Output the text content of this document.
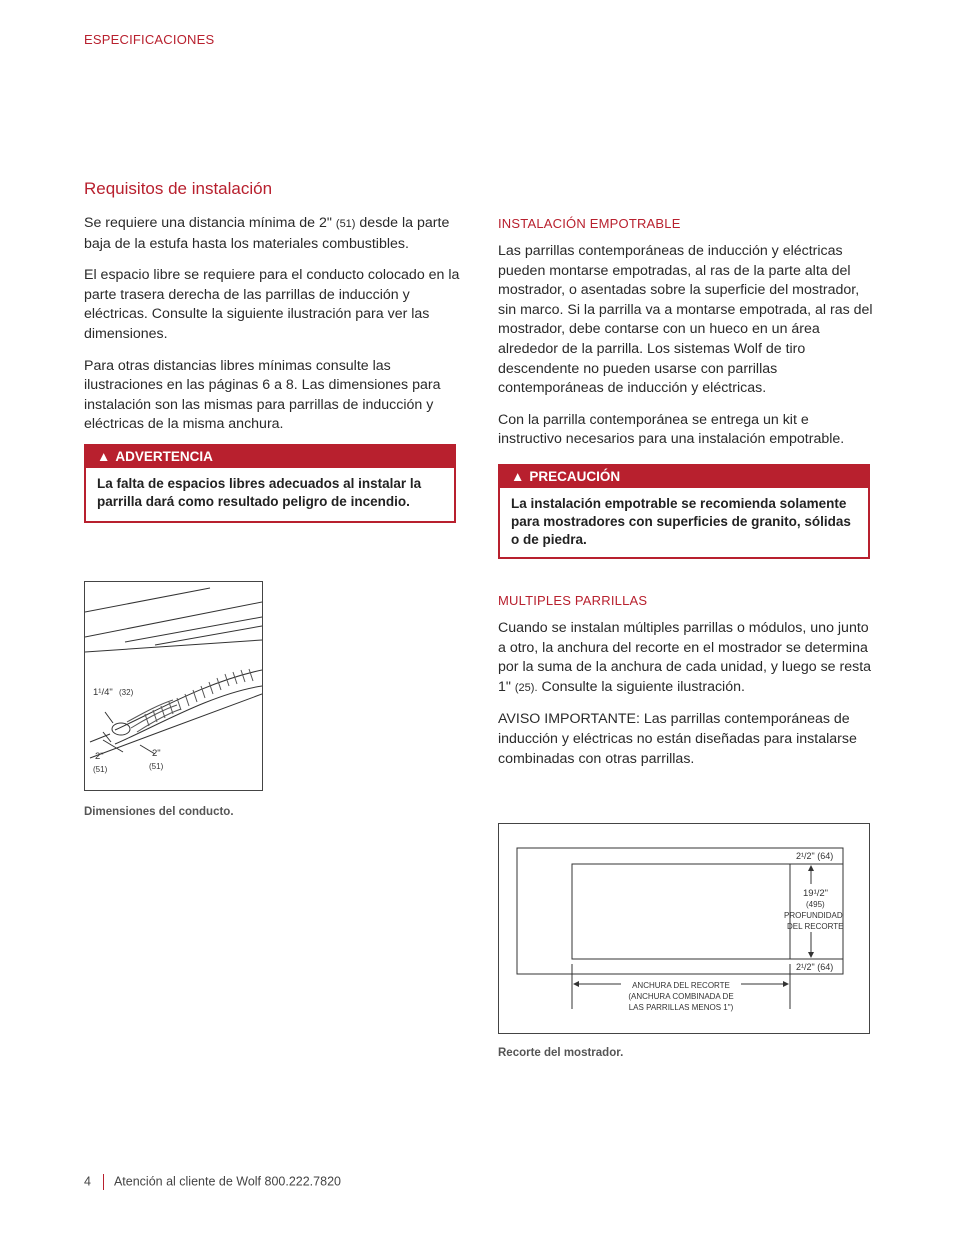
ESPECIFICACIONES
Requisitos de instalación

Se requiere una distancia mínima de 2" (51) desde la parte baja de la estufa hasta los materiales combustibles.

El espacio libre se requiere para el conducto colocado en la parte trasera derecha de las parrillas de inducción y eléctricas. Consulte la siguiente ilustración para ver las dimensiones.

Para otras distancias libres mínimas consulte las ilustraciones en las páginas 6 a 8. Las dimensiones para instalación son las mismas para parrillas de inducción y eléctricas de la misma anchura.

▲ ADVERTENCIA
La falta de espacios libres adecuados al instalar la parrilla dará como resultado peligro de incendio.
1¹/4" (32)
2"
(51)
2"
(51)
Dimensiones del conducto.
INSTALACIÓN EMPOTRABLE

Las parrillas contemporáneas de inducción y eléctricas pueden montarse empotradas, al ras de la parte alta del mostrador, o asentadas sobre la superficie del mostrador, sin marco. Si la parrilla va a montarse empotrada, al ras del mostrador, debe contarse con un hueco en un área alrededor de la parrilla. Los sistemas Wolf de tiro descendente no pueden usarse con parrillas contemporáneas de inducción y eléctricas.

Con la parrilla contemporánea se entrega un kit e instructivo necesarios para una instalación empotrable.

▲ PRECAUCIÓN
La instalación empotrable se recomienda solamente para mostradores con superficies de granito, sólidas o de piedra.
MULTIPLES PARRILLAS

Cuando se instalan múltiples parrillas o módulos, uno junto a otro, la anchura del recorte en el mostrador se determina por la suma de la anchura de cada unidad, y luego se resta 1" (25). Consulte la siguiente ilustración.

AVISO IMPORTANTE: Las parrillas contemporáneas de inducción y eléctricas no están diseñadas para instalarse combinadas con otras parrillas.

2¹/2" (64)
19¹/2"
(495)
PROFUNDIDAD
DEL RECORTE
2¹/2" (64)
ANCHURA DEL RECORTE
(ANCHURA COMBINADA DE
LAS PARRILLAS MENOS 1")
Recorte del mostrador.
4 Atención al cliente de Wolf 800.222.7820
